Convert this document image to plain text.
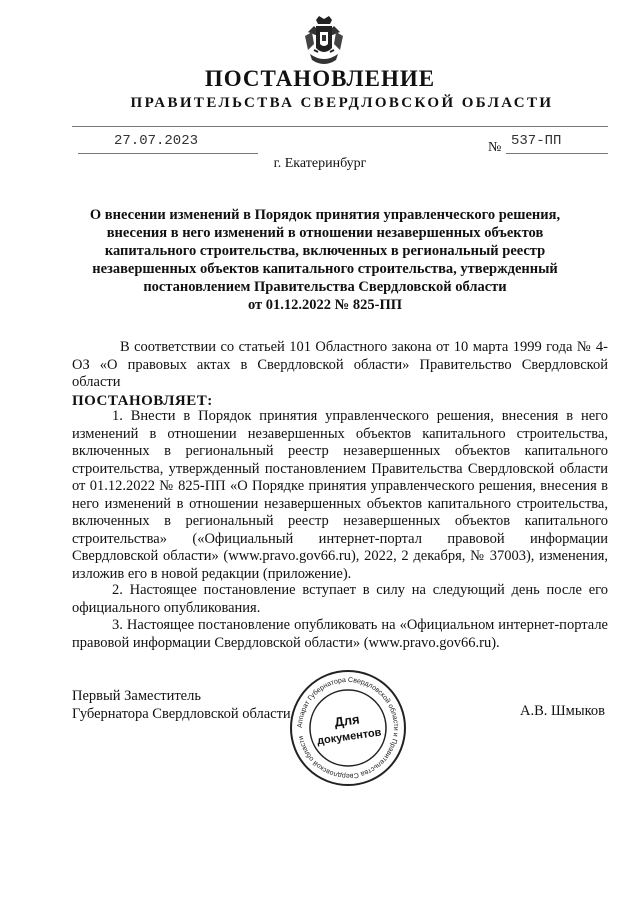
ПОСТАНОВЛЕНИЕ
ПРАВИТЕЛЬСТВА СВЕРДЛОВСКОЙ ОБЛАСТИ
27.07.2023	№ 537-ПП
г. Екатеринбург
О внесении изменений в Порядок принятия управленческого решения,
внесения в него изменений в отношении незавершенных объектов
капитального строительства, включенных в региональный реестр
незавершенных объектов капитального строительства, утвержденный
постановлением Правительства Свердловской области
от 01.12.2022 № 825-ПП
В соответствии со статьей 101 Областного закона от 10 марта 1999 года № 4-ОЗ «О правовых актах в Свердловской области» Правительство Свердловской области
ПОСТАНОВЛЯЕТ:
1. Внести в Порядок принятия управленческого решения, внесения в него изменений в отношении незавершенных объектов капитального строительства, включенных в региональный реестр незавершенных объектов капитального строительства, утвержденный постановлением Правительства Свердловской области от 01.12.2022 № 825-ПП «О Порядке принятия управленческого решения, внесения в него изменений в отношении незавершенных объектов капитального строительства, включенных в региональный реестр незавершенных объектов капитального строительства» («Официальный интернет-портал правовой информации Свердловской области» (www.pravo.gov66.ru), 2022, 2 декабря, № 37003), изменения, изложив его в новой редакции (приложение).
2. Настоящее постановление вступает в силу на следующий день после его официального опубликования.
3. Настоящее постановление опубликовать на «Официальном интернет-портале правовой информации Свердловской области» (www.pravo.gov66.ru).
Первый Заместитель
Губернатора Свердловской области	А.В. Шмыков
Аппарат Губернатора Свердловской области и Правительства Свердловской области
Для
документов
